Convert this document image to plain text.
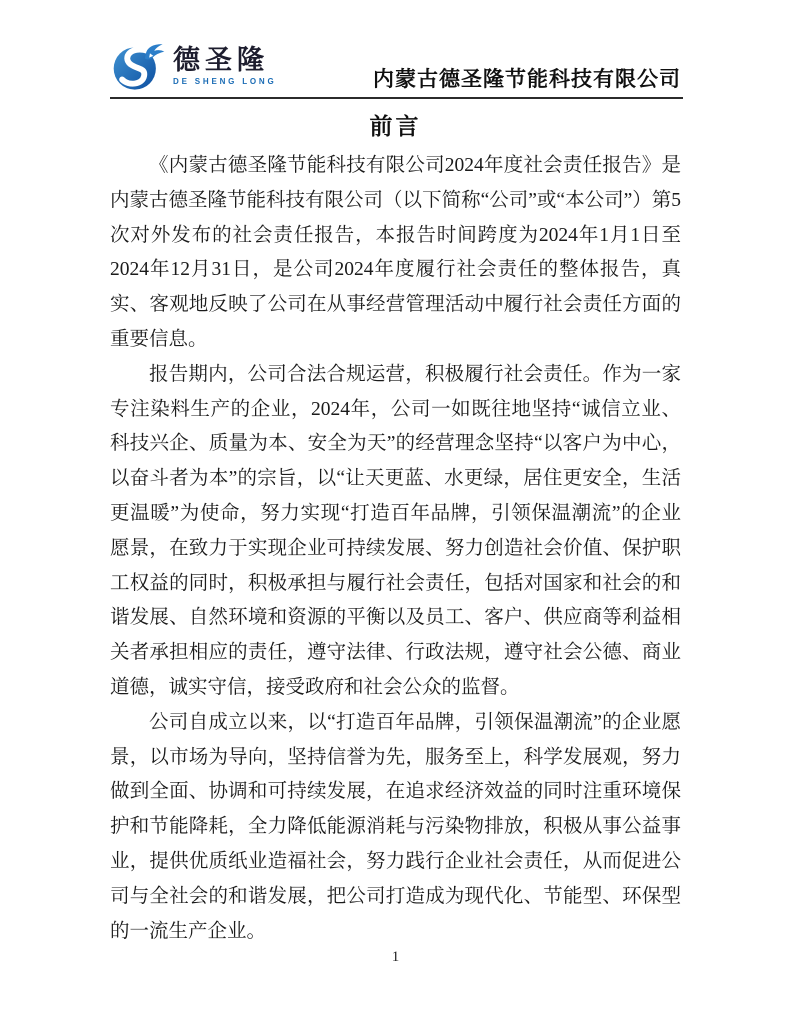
德圣隆
DE SHENG LONG	内蒙古德圣隆节能科技有限公司
前言

《内蒙古德圣隆节能科技有限公司2024年度社会责任报告》是内蒙古德圣隆节能科技有限公司（以下简称“公司”或“本公司”）第5次对外发布的社会责任报告，本报告时间跨度为2024年1月1日至2024年12月31日，是公司2024年度履行社会责任的整体报告，真实、客观地反映了公司在从事经营管理活动中履行社会责任方面的重要信息。

报告期内，公司合法合规运营，积极履行社会责任。作为一家专注染料生产的企业，2024年，公司一如既往地坚持“诚信立业、科技兴企、质量为本、安全为天”的经营理念坚持“以客户为中心，以奋斗者为本”的宗旨，以“让天更蓝、水更绿，居住更安全，生活更温暖”为使命，努力实现“打造百年品牌，引领保温潮流”的企业愿景，在致力于实现企业可持续发展、努力创造社会价值、保护职工权益的同时，积极承担与履行社会责任，包括对国家和社会的和谐发展、自然环境和资源的平衡以及员工、客户、供应商等利益相关者承担相应的责任，遵守法律、行政法规，遵守社会公德、商业道德，诚实守信，接受政府和社会公众的监督。

公司自成立以来，以“打造百年品牌，引领保温潮流”的企业愿景，以市场为导向，坚持信誉为先，服务至上，科学发展观，努力做到全面、协调和可持续发展，在追求经济效益的同时注重环境保护和节能降耗，全力降低能源消耗与污染物排放，积极从事公益事业，提供优质纸业造福社会，努力践行企业社会责任，从而促进公司与全社会的和谐发展，把公司打造成为现代化、节能型、环保型的一流生产企业。

1
